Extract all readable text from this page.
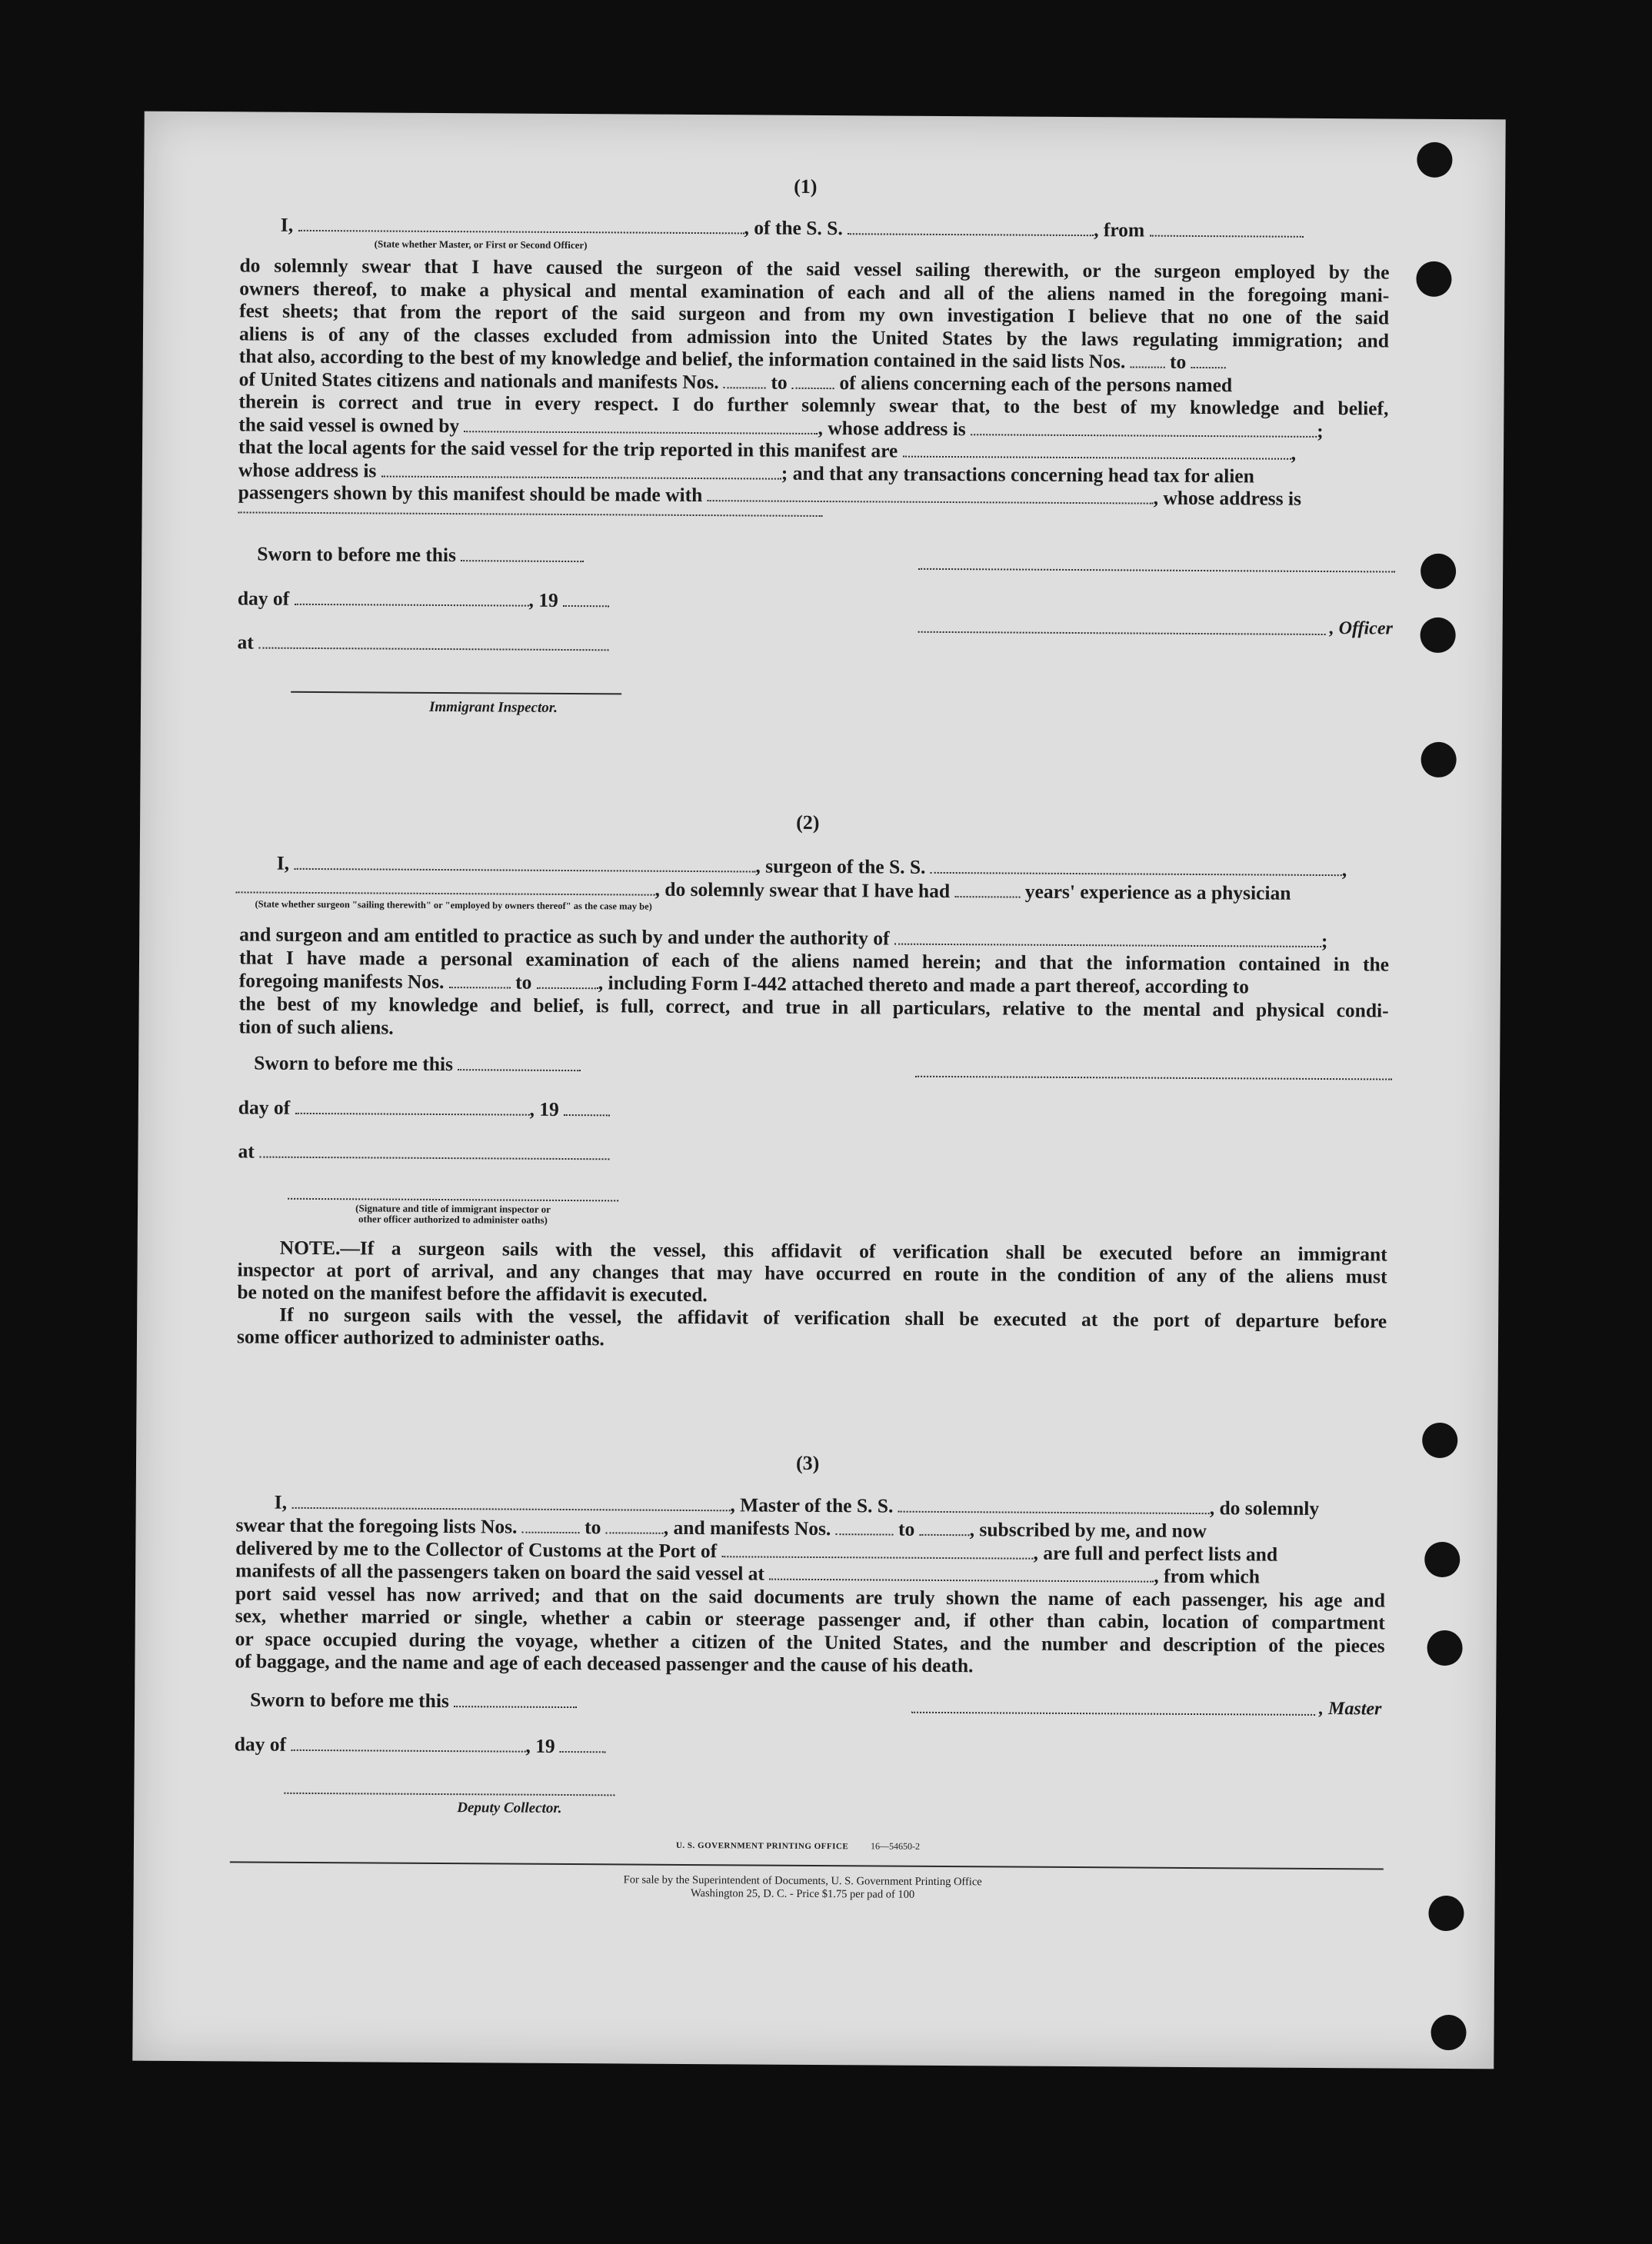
(1)
I,	, of the S. S.	, from
(State whether Master, or First or Second Officer)
do solemnly swear that I have caused the surgeon of the said vessel sailing therewith, or the surgeon employed by the
owners thereof, to make a physical and mental examination of each and all of the aliens named in the foregoing mani-
fest sheets; that from the report of the said surgeon and from my own investigation I believe that no one of the said
aliens is of any of the classes excluded from admission into the United States by the laws regulating immigration; and
that also, according to the best of my knowledge and belief, the information contained in the said lists Nos. to
of United States citizens and nationals and manifests Nos.	to	of aliens concerning each of the persons named
therein is correct and true in every respect. I do further solemnly swear that, to the best of my knowledge and belief,
the said vessel is owned by	, whose address is	;
that the local agents for the said vessel for the trip reported in this manifest are	,
whose address is	; and that any transactions concerning head tax for alien
passengers shown by this manifest should be made with	, whose address is
Sworn to before me this
day of	, 19
, Officer
at
Immigrant Inspector.
(2)
I,	, surgeon of the S. S.	,
, do solemnly swear that I have had	years' experience as a physician
(State whether surgeon "sailing therewith" or "employed by owners thereof" as the case may be)
and surgeon and am entitled to practice as such by and under the authority of	;
that I have made a personal examination of each of the aliens named herein; and that the information contained in the
foregoing manifests Nos.	to	, including Form I-442 attached thereto and made a part thereof, according to
the best of my knowledge and belief, is full, correct, and true in all particulars, relative to the mental and physical condi-
tion of such aliens.
Sworn to before me this
day of	, 19
at
(Signature and title of immigrant inspector or
other officer authorized to administer oaths)
NOTE.—If a surgeon sails with the vessel, this affidavit of verification shall be executed before an immigrant
inspector at port of arrival, and any changes that may have occurred en route in the condition of any of the aliens must
be noted on the manifest before the affidavit is executed.
If no surgeon sails with the vessel, the affidavit of verification shall be executed at the port of departure before
some officer authorized to administer oaths.
(3)
I,	, Master of the S. S.	, do solemnly
swear that the foregoing lists Nos.	to	, and manifests Nos.	to	, subscribed by me, and now
delivered by me to the Collector of Customs at the Port of	, are full and perfect lists and
manifests of all the passengers taken on board the said vessel at	, from which
port said vessel has now arrived; and that on the said documents are truly shown the name of each passenger, his age and
sex, whether married or single, whether a cabin or steerage passenger and, if other than cabin, location of compartment
or space occupied during the voyage, whether a citizen of the United States, and the number and description of the pieces
of baggage, and the name and age of each deceased passenger and the cause of his death.
Sworn to before me this	, Master
day of	, 19
Deputy Collector.
U. S. GOVERNMENT PRINTING OFFICE 16—54650-2
For sale by the Superintendent of Documents, U. S. Government Printing Office
Washington 25, D. C. - Price $1.75 per pad of 100
